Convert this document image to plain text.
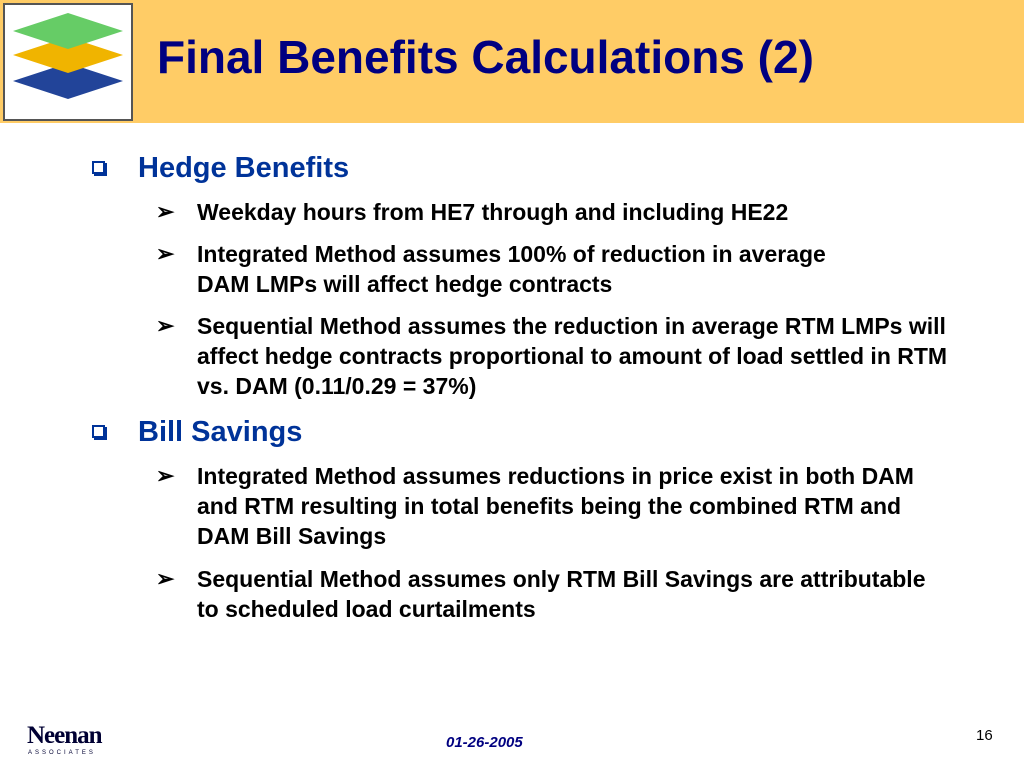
Final Benefits Calculations (2)
Hedge Benefits
➢ Weekday hours from HE7 through and including HE22
➢ Integrated Method assumes 100% of reduction in average DAM LMPs will affect hedge contracts
➢ Sequential Method assumes the reduction in average RTM LMPs will affect hedge contracts proportional to amount of load settled in RTM vs. DAM (0.11/0.29 = 37%)
Bill Savings
➢ Integrated Method assumes reductions in price exist in both DAM and RTM resulting in total benefits being the combined RTM and DAM Bill Savings
➢ Sequential Method assumes only RTM Bill Savings are attributable to scheduled load curtailments
Neenan
ASSOCIATES
01-26-2005	16
